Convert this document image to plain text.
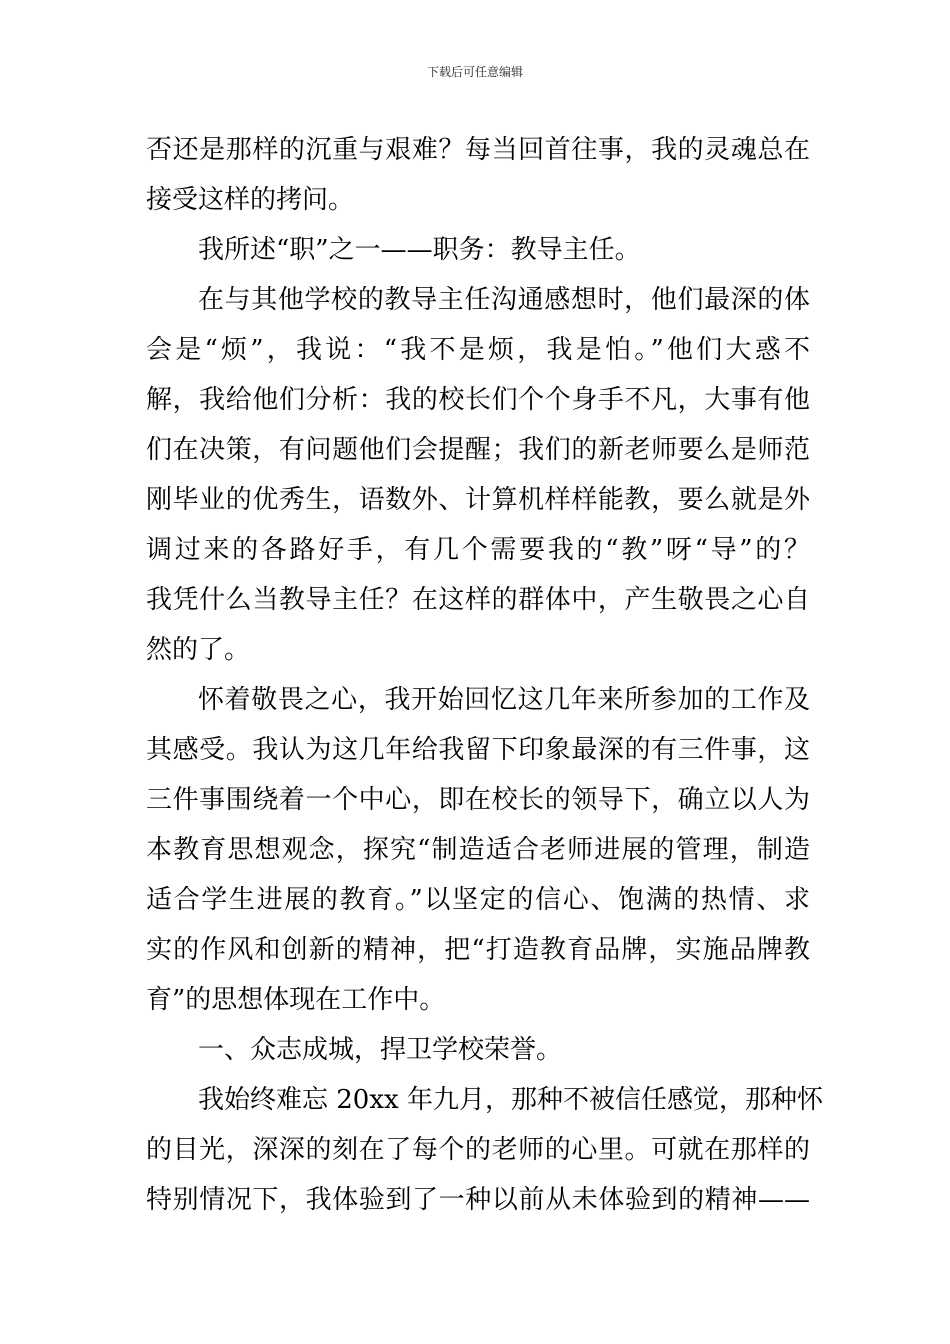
下载后可任意编辑
否还是那样的沉重与艰难？每当回首往事，我的灵魂总在
接受这样的拷问。
我所述“职”之一——职务：教导主任。
在与其他学校的教导主任沟通感想时，他们最深的体
会是“烦”，我说：“我不是烦，我是怕。”他们大惑不
解，我给他们分析：我的校长们个个身手不凡，大事有他
们在决策，有问题他们会提醒；我们的新老师要么是师范
刚毕业的优秀生，语数外、计算机样样能教，要么就是外
调过来的各路好手，有几个需要我的“教”呀“导”的？
我凭什么当教导主任？在这样的群体中，产生敬畏之心自
然的了。
怀着敬畏之心，我开始回忆这几年来所参加的工作及
其感受。我认为这几年给我留下印象最深的有三件事，这
三件事围绕着一个中心，即在校长的领导下，确立以人为
本教育思想观念，探究“制造适合老师进展的管理，制造
适合学生进展的教育。”以坚定的信心、饱满的热情、求
实的作风和创新的精神，把“打造教育品牌，实施品牌教
育”的思想体现在工作中。
一、众志成城，捍卫学校荣誉。
我始终难忘 20xx 年九月，那种不被信任感觉，那种怀
的目光，深深的刻在了每个的老师的心里。可就在那样的
特别情况下，我体验到了一种以前从未体验到的精神——
